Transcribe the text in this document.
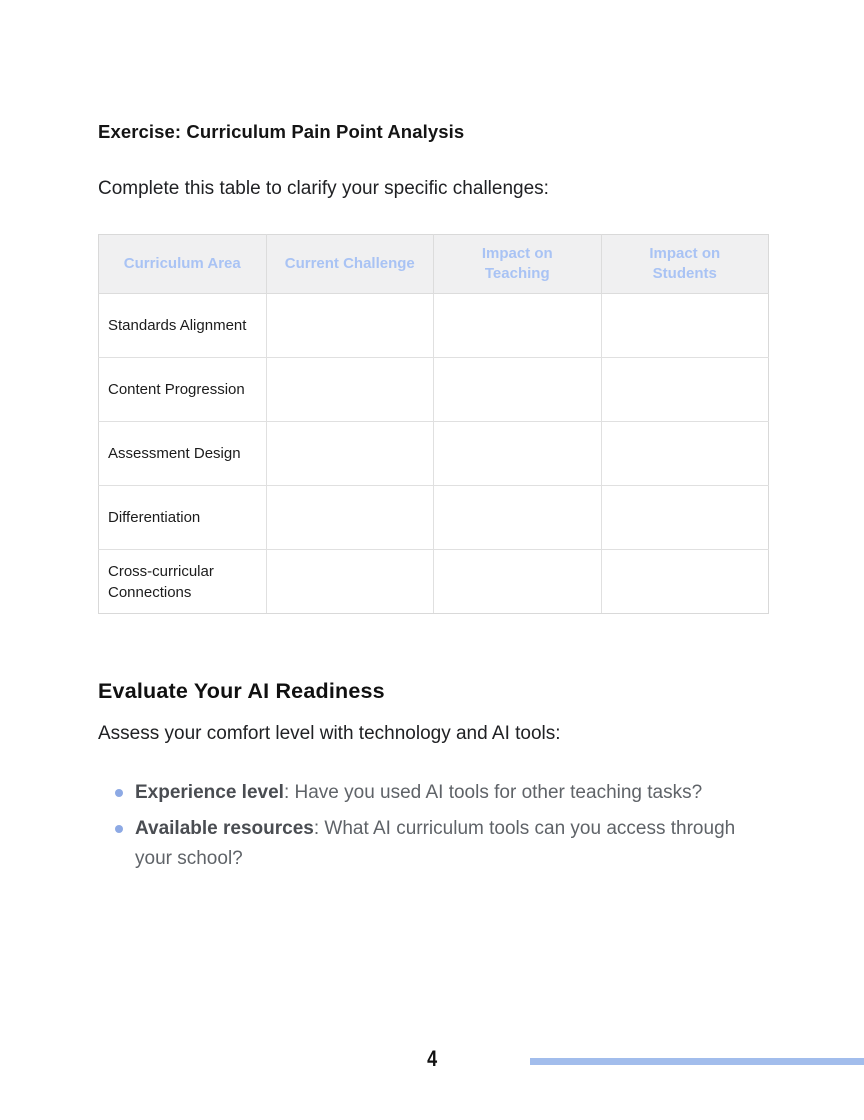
Exercise: Curriculum Pain Point Analysis
Complete this table to clarify your specific challenges:
Curriculum Area	Current Challenge	Impact on Teaching	Impact on Students
Standards Alignment			
Content Progression			
Assessment Design			
Differentiation			
Cross-curricular Connections			
Evaluate Your AI Readiness
Assess your comfort level with technology and AI tools:
Experience level: Have you used AI tools for other teaching tasks?
Available resources: What AI curriculum tools can you access through your school?
4
